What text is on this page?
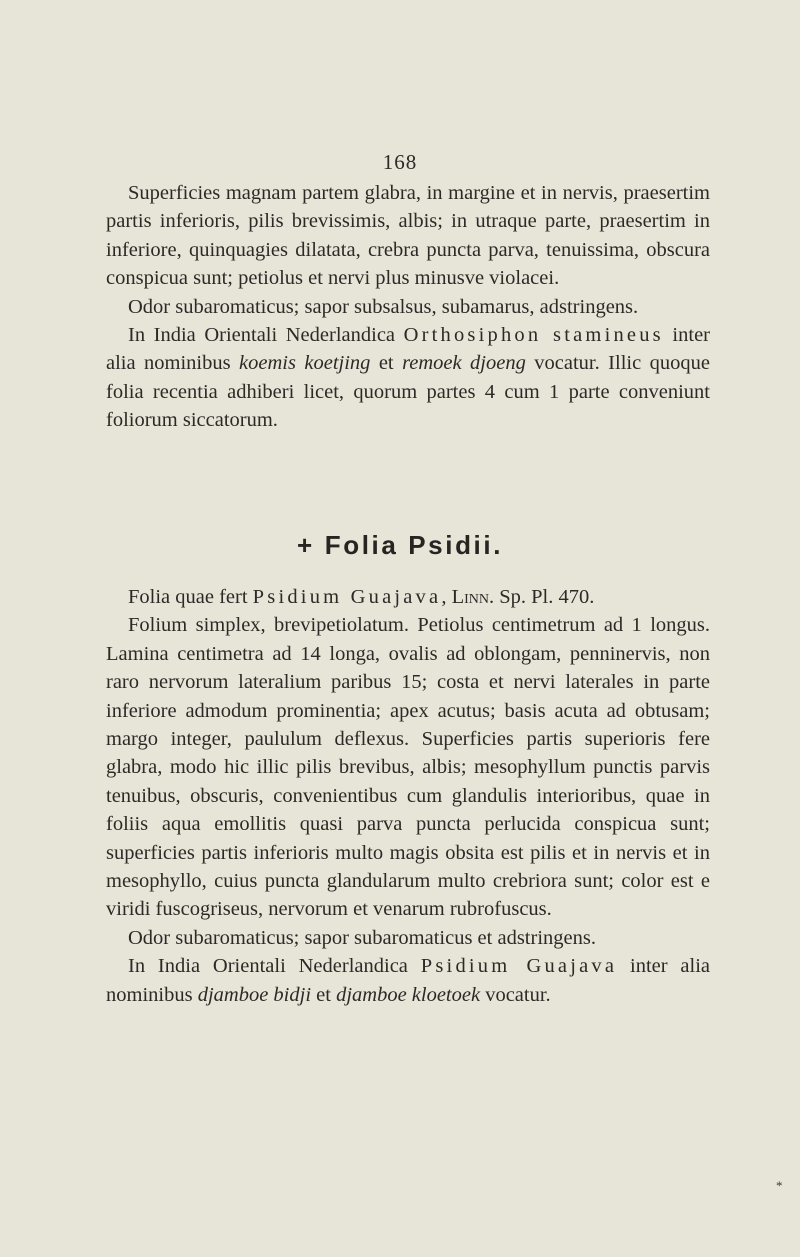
168

Superficies magnam partem glabra, in margine et in nervis, praesertim partis inferioris, pilis brevissimis, albis; in utraque parte, praesertim in inferiore, quinquagies dilatata, crebra puncta parva, tenuissima, obscura conspicua sunt; petiolus et nervi plus minusve violacei.

Odor subaromaticus; sapor subsalsus, subamarus, adstringens.

In India Orientali Nederlandica Orthosiphon stamineus inter alia nominibus koemis koetjing et remoek djoeng vocatur. Illic quoque folia recentia adhiberi licet, quorum partes 4 cum 1 parte conveniunt foliorum siccatorum.

+ Folia Psidii.

Folia quae fert Psidium Guajava, Linn. Sp. Pl. 470.

Folium simplex, brevipetiolatum. Petiolus centimetrum ad 1 longus. Lamina centimetra ad 14 longa, ovalis ad oblongam, penninervis, non raro nervorum lateralium paribus 15; costa et nervi laterales in parte inferiore admodum prominentia; apex acutus; basis acuta ad obtusam; margo integer, paululum deflexus. Superficies partis superioris fere glabra, modo hic illic pilis brevibus, albis; mesophyllum punctis parvis tenuibus, obscuris, convenientibus cum glandulis interioribus, quae in foliis aqua emollitis quasi parva puncta perlucida conspicua sunt; superficies partis inferioris multo magis obsita est pilis et in nervis et in mesophyllo, cuius puncta glandularum multo crebriora sunt; color est e viridi fuscogriseus, nervorum et venarum rubrofuscus.

Odor subaromaticus; sapor subaromaticus et adstringens.

In India Orientali Nederlandica Psidium Guajava inter alia nominibus djamboe bidji et djamboe kloetoek vocatur.

*
